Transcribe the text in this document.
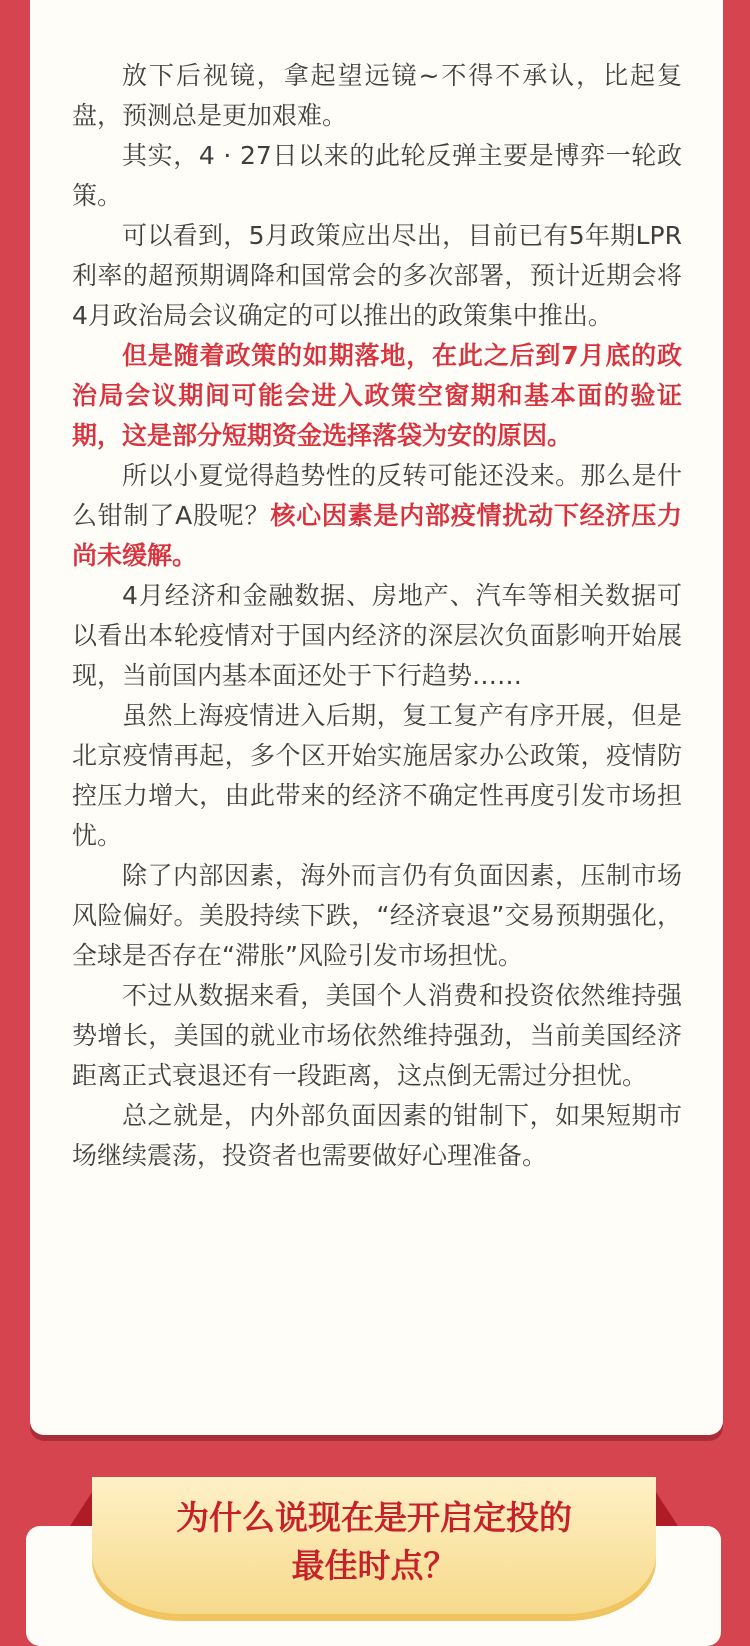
放下后视镜，拿起望远镜~不得不承认，比起复盘，预测总是更加艰难。

其实，4 · 27日以来的此轮反弹主要是博弈一轮政策。

可以看到，5月政策应出尽出，目前已有5年期LPR利率的超预期调降和国常会的多次部署，预计近期会将4月政治局会议确定的可以推出的政策集中推出。

但是随着政策的如期落地，在此之后到7月底的政治局会议期间可能会进入政策空窗期和基本面的验证期，这是部分短期资金选择落袋为安的原因。

所以小夏觉得趋势性的反转可能还没来。那么是什么钳制了A股呢？核心因素是内部疫情扰动下经济压力尚未缓解。

4月经济和金融数据、房地产、汽车等相关数据可以看出本轮疫情对于国内经济的深层次负面影响开始展现，当前国内基本面还处于下行趋势……

虽然上海疫情进入后期，复工复产有序开展，但是北京疫情再起，多个区开始实施居家办公政策，疫情防控压力增大，由此带来的经济不确定性再度引发市场担忧。

除了内部因素，海外而言仍有负面因素，压制市场风险偏好。美股持续下跌，“经济衰退”交易预期强化，全球是否存在“滞胀”风险引发市场担忧。

不过从数据来看，美国个人消费和投资依然维持强势增长，美国的就业市场依然维持强劲，当前美国经济距离正式衰退还有一段距离，这点倒无需过分担忧。

总之就是，内外部负面因素的钳制下，如果短期市场继续震荡，投资者也需要做好心理准备。

为什么说现在是开启定投的
最佳时点？
